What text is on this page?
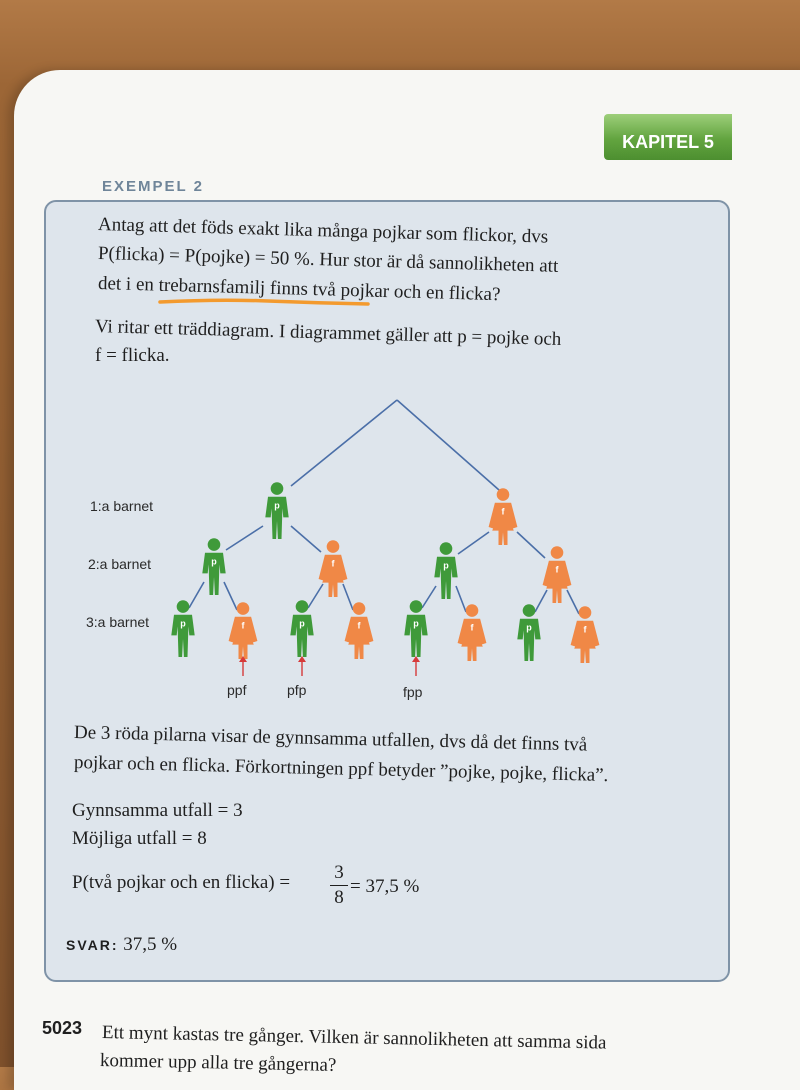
KAPITEL 5
EXEMPEL 2
Antag att det föds exakt lika många pojkar som flickor, dvs
P(flicka) = P(pojke) = 50 %. Hur stor är då sannolikheten att
det i en trebarnsfamilj finns två pojkar och en flicka?
Vi ritar ett träddiagram. I diagrammet gäller att p = pojke och
f = flicka.
1:a barnet
2:a barnet
3:a barnet
p
f
p	f	p	f
p	f	p	f	p	f	p	f
ppf	pfp	fpp
De 3 röda pilarna visar de gynnsamma utfallen, dvs då det finns två
pojkar och en flicka. Förkortningen ppf betyder ”pojke, pojke, flicka”.
Gynnsamma utfall = 3
Möjliga utfall = 8
P(två pojkar och en flicka) = 3
8
= 37,5 %
SVAR: 37,5 %
5023 Ett mynt kastas tre gånger. Vilken är sannolikheten att samma sida
kommer upp alla tre gångerna?
